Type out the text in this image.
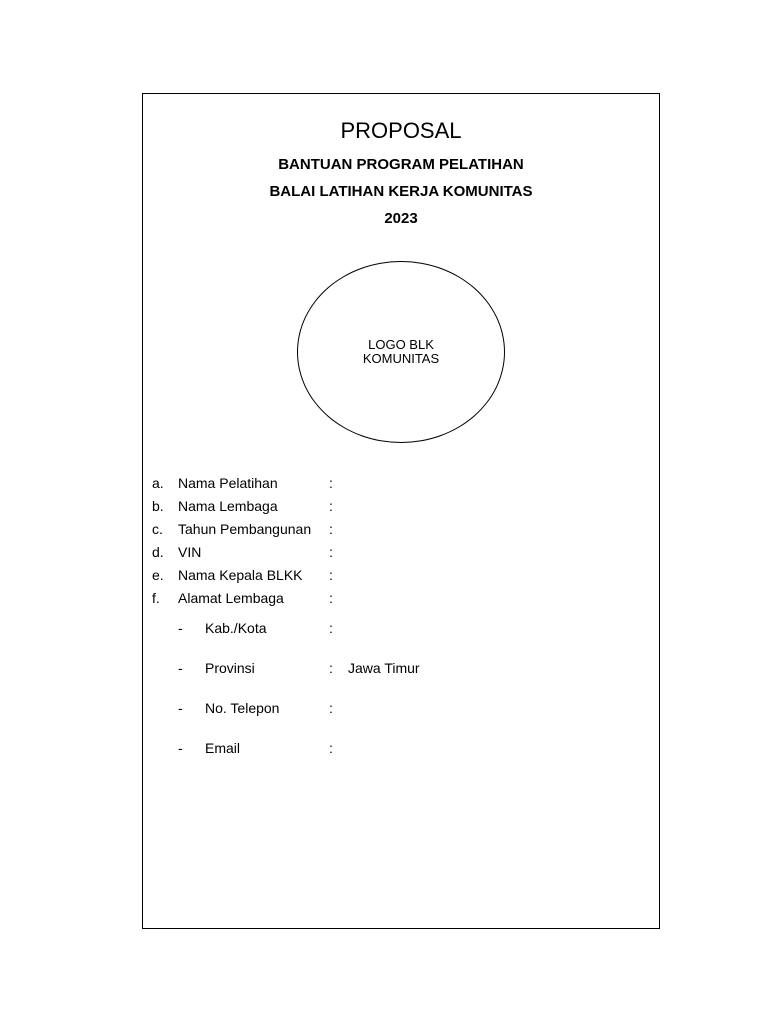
PROPOSAL
BANTUAN PROGRAM PELATIHAN
BALAI LATIHAN KERJA KOMUNITAS
2023
LOGO BLK
KOMUNITAS
a. Nama Pelatihan	:
b. Nama Lembaga	:
c. Tahun Pembangunan :
d. VIN	:
e. Nama Kepala BLKK :
f. Alamat Lembaga	:
- Kab./Kota	:
- Provinsi	: Jawa Timur
- No. Telepon	:
- Email	:
